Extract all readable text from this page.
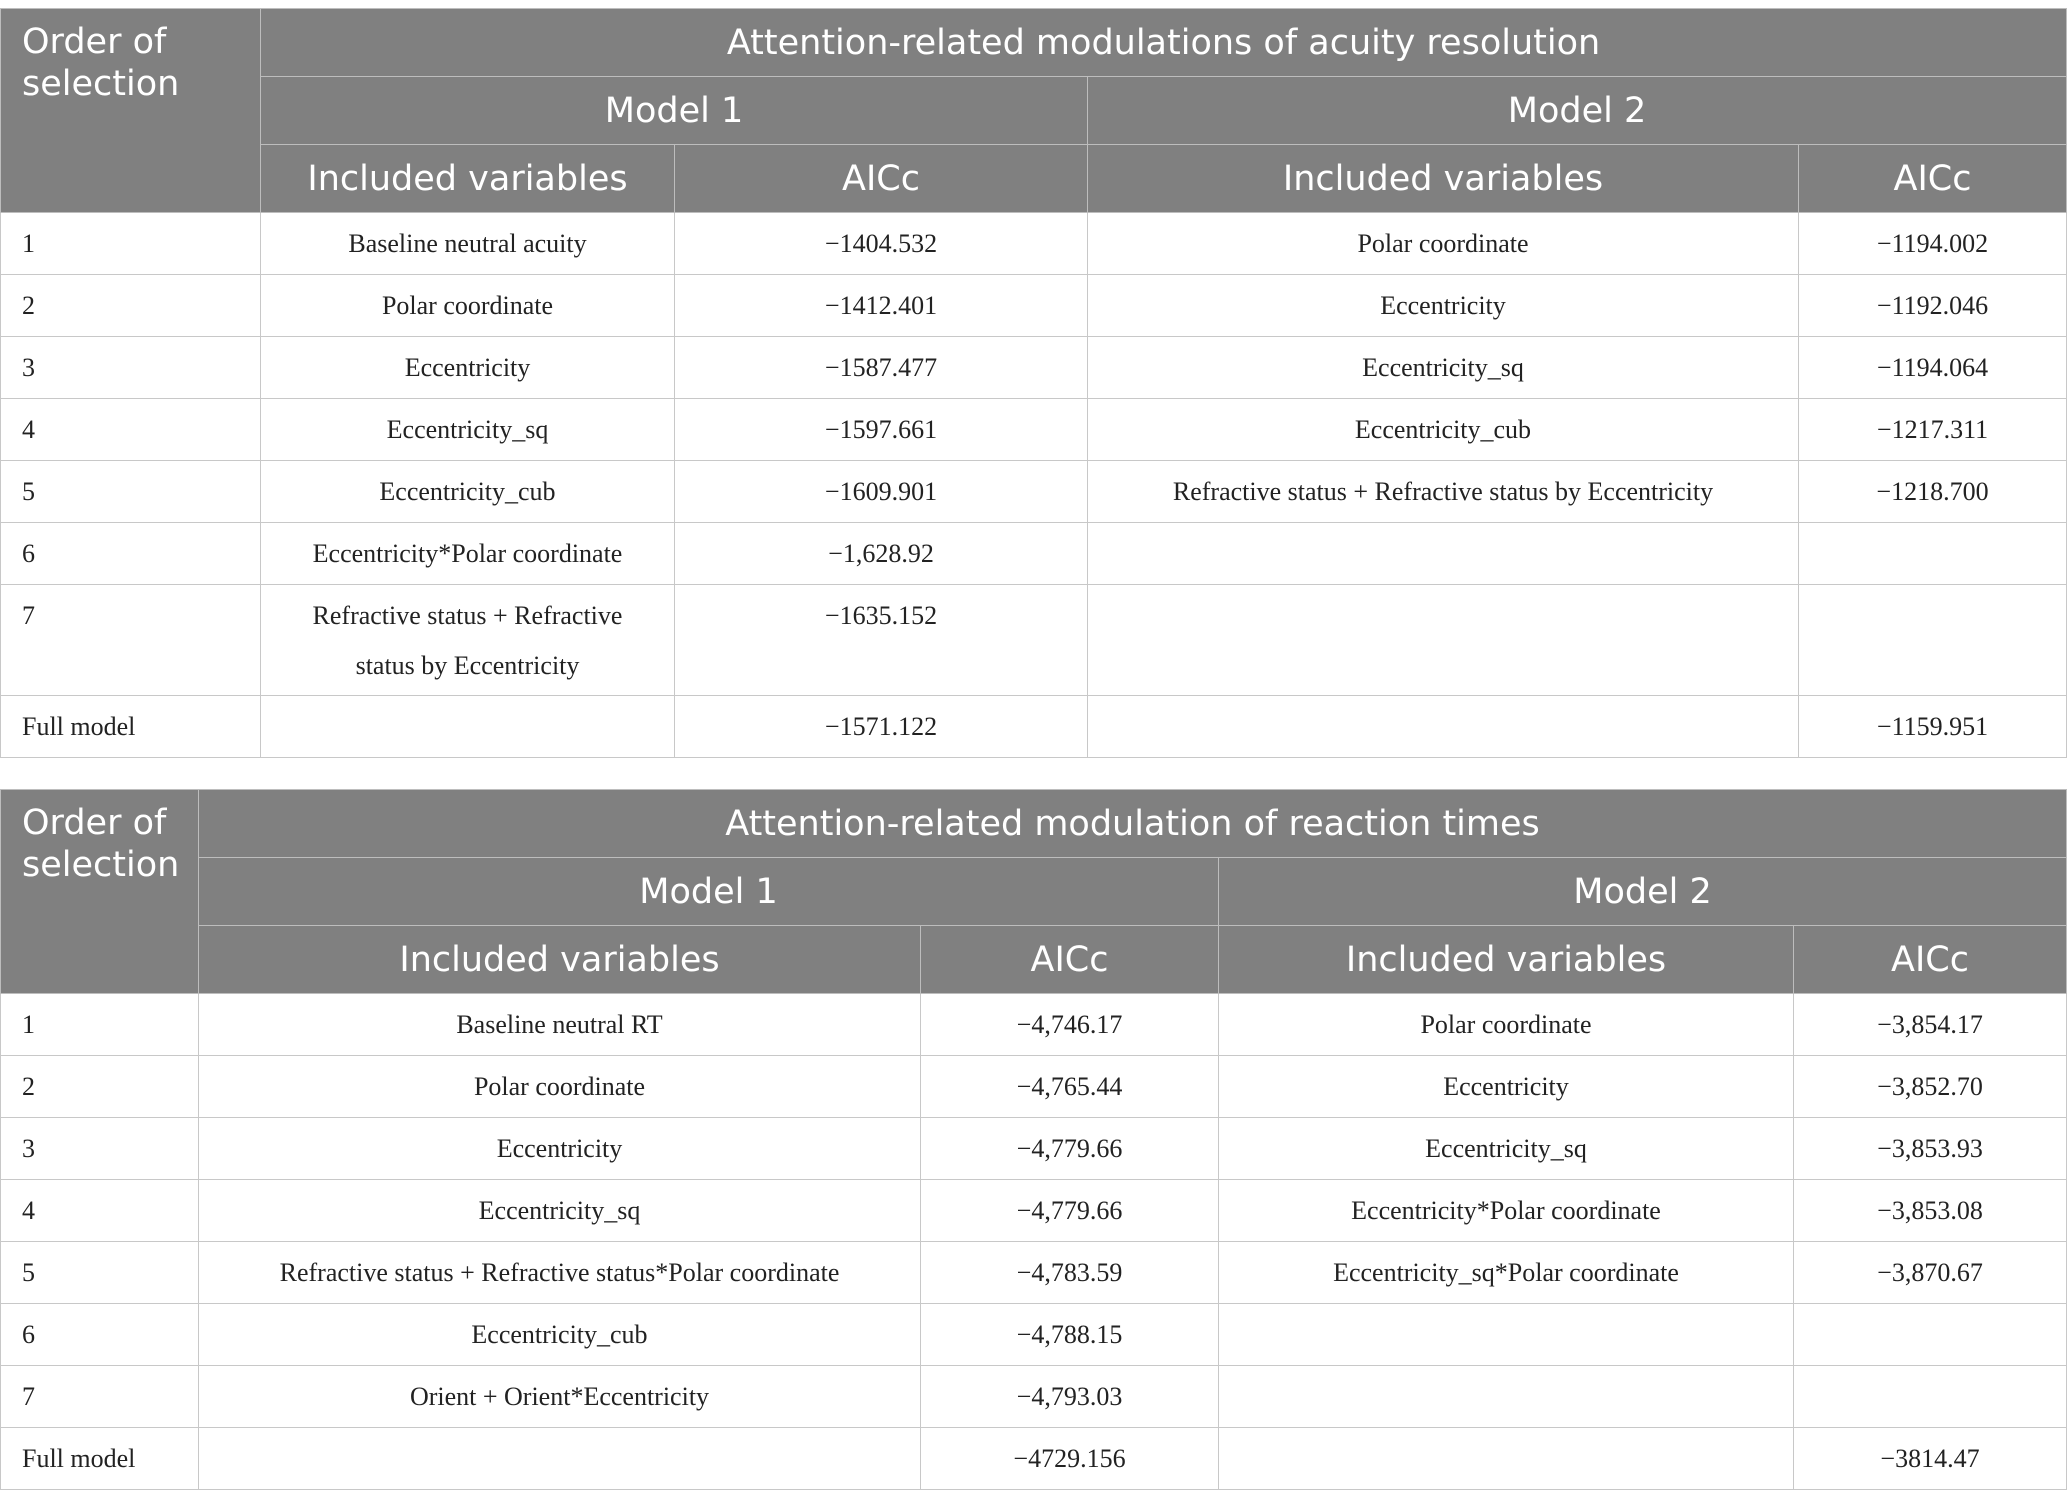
Order of selection	Attention-related modulations of acuity resolution			
	Model 1		Model 2	
	Included variables	AICc	Included variables	AICc
1	Baseline neutral acuity	−1404.532	Polar coordinate	−1194.002
2	Polar coordinate	−1412.401	Eccentricity	−1192.046
3	Eccentricity	−1587.477	Eccentricity_sq	−1194.064
4	Eccentricity_sq	−1597.661	Eccentricity_cub	−1217.311
5	Eccentricity_cub	−1609.901	Refractive status + Refractive status by Eccentricity	−1218.700
6	Eccentricity*Polar coordinate	−1,628.92		
7	Refractive status + Refractive status by Eccentricity	−1635.152		
Full model		−1571.122		−1159.951
Order of selection	Attention-related modulation of reaction times			
	Model 1		Model 2	
	Included variables	AICc	Included variables	AICc
1	Baseline neutral RT	−4,746.17	Polar coordinate	−3,854.17
2	Polar coordinate	−4,765.44	Eccentricity	−3,852.70
3	Eccentricity	−4,779.66	Eccentricity_sq	−3,853.93
4	Eccentricity_sq	−4,779.66	Eccentricity*Polar coordinate	−3,853.08
5	Refractive status + Refractive status*Polar coordinate	−4,783.59	Eccentricity_sq*Polar coordinate	−3,870.67
6	Eccentricity_cub	−4,788.15		
7	Orient + Orient*Eccentricity	−4,793.03		
Full model		−4729.156		−3814.47
